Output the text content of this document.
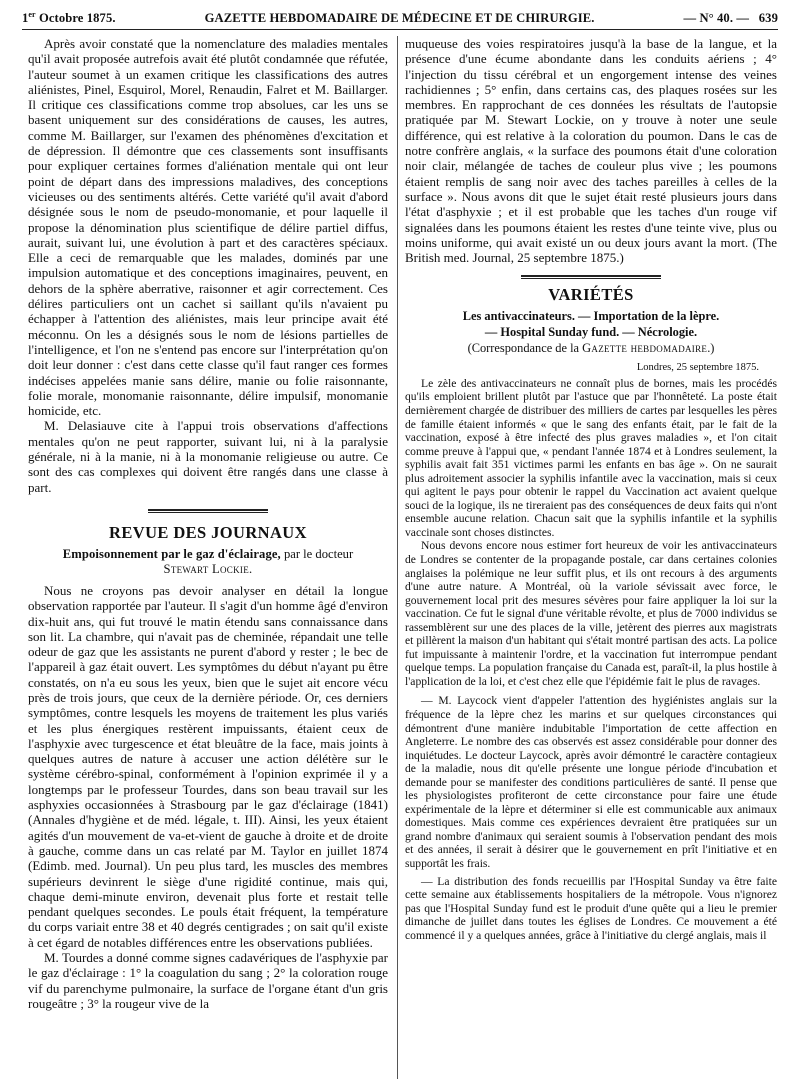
1er Octobre 1875.	GAZETTE HEBDOMADAIRE DE MÉDECINE ET DE CHIRURGIE.	— N° 40. — 639

Après avoir constaté que la nomenclature des maladies mentales qu'il avait proposée autrefois avait été plutôt condamnée que réfutée, l'auteur soumet à un examen critique les classifications des autres aliénistes, Pinel, Esquirol, Morel, Renaudin, Falret et M. Baillarger. Il critique ces classifications comme trop absolues, car les uns se basent uniquement sur des considérations de causes, les autres, comme M. Baillarger, sur l'examen des phénomènes d'excitation et de dépression. Il démontre que ces classements sont insuffisants pour expliquer certaines formes d'aliénation mentale qui ont leur point de départ dans des impressions maladives, des conceptions vicieuses ou des sentiments altérés. Cette variété qu'il avait d'abord désignée sous le nom de pseudo-monomanie, et pour laquelle il propose la dénomination plus scientifique de délire partiel diffus, aurait, suivant lui, une évolution à part et des caractères spéciaux. Elle a ceci de remarquable que les malades, dominés par une impulsion automatique et des conceptions imaginaires, peuvent, en dehors de la sphère aberrative, raisonner et agir correctement. Ces délires particuliers ont un cachet si saillant qu'ils n'avaient pu échapper à l'attention des aliénistes, mais leur principe avait été méconnu. On les a désignés sous le nom de lésions partielles de l'intelligence, et l'on ne s'entend pas encore sur l'interprétation qu'on doit leur donner : c'est dans cette classe qu'il faut ranger ces formes indécises appelées manie sans délire, manie ou folie raisonnante, folie morale, monomanie raisonnante, délire impulsif, monomanie homicide, etc.

M. Delasiauve cite à l'appui trois observations d'affections mentales qu'on ne peut rapporter, suivant lui, ni à la paralysie générale, ni à la manie, ni à la monomanie religieuse ou autre. Ce sont des cas complexes qui doivent être rangés dans une classe à part.

REVUE DES JOURNAUX
Empoisonnement par le gaz d'éclairage, par le docteur
Stewart Lockie.

Nous ne croyons pas devoir analyser en détail la longue observation rapportée par l'auteur. Il s'agit d'un homme âgé d'environ dix-huit ans, qui fut trouvé le matin étendu sans connaissance dans son lit. La chambre, qui n'avait pas de cheminée, répandait une telle odeur de gaz que les assistants ne purent d'abord y rester ; le bec de l'appareil à gaz était ouvert. Les symptômes du début n'ayant pu être constatés, on n'a eu sous les yeux, bien que le sujet ait encore vécu près de trois jours, que ceux de la dernière période. Or, ces derniers symptômes, contre lesquels les moyens de traitement les plus variés et les plus énergiques restèrent impuissants, étaient ceux de l'asphyxie avec turgescence et état bleuâtre de la face, mais joints à quelques autres de nature à accuser une action délétère sur le système cérébro-spinal, conformément à l'opinion exprimée il y a longtemps par le professeur Tourdes, dans son beau travail sur les asphyxies occasionnées à Strasbourg par le gaz d'éclairage (1841) (Annales d'hygiène et de méd. légale, t. III). Ainsi, les yeux étaient agités d'un mouvement de va-et-vient de gauche à droite et de droite à gauche, comme dans un cas relaté par M. Taylor en juillet 1874 (Edimb. med. Journal). Un peu plus tard, les muscles des membres supérieurs devinrent le siège d'une rigidité continue, mais qui, chaque demi-minute environ, devenait plus forte et restait telle pendant quelques secondes. Le pouls était fréquent, la température du corps variait entre 38 et 40 degrés centigrades ; on sait qu'il existe à cet égard de notables différences entre les observations publiées.

M. Tourdes a donné comme signes cadavériques de l'asphyxie par le gaz d'éclairage : 1° la coagulation du sang ; 2° la coloration rouge vif du parenchyme pulmonaire, la surface de l'organe étant d'un gris rougeâtre ; 3° la rougeur vive de la

muqueuse des voies respiratoires jusqu'à la base de la langue, et la présence d'une écume abondante dans les conduits aériens ; 4° l'injection du tissu cérébral et un engorgement intense des veines rachidiennes ; 5° enfin, dans certains cas, des plaques rosées sur les membres. En rapprochant de ces données les résultats de l'autopsie pratiquée par M. Stewart Lockie, on y trouve à noter une seule différence, qui est relative à la coloration du poumon. Dans le cas de notre confrère anglais, « la surface des poumons était d'une coloration noir clair, mélangée de taches de couleur plus vive ; les poumons étaient remplis de sang noir avec des taches pareilles à celles de la surface ». Nous avons dit que le sujet était resté plusieurs jours dans l'état d'asphyxie ; et il est probable que les taches d'un rouge vif signalées dans les poumons étaient les restes d'une teinte vive, plus ou moins uniforme, qui avait existé un ou deux jours avant la mort. (The British med. Journal, 25 septembre 1875.)

VARIÉTÉS
Les antivaccinateurs. — Importation de la lèpre.
— Hospital Sunday fund. — Nécrologie.
(Correspondance de la Gazette hebdomadaire.)
Londres, 25 septembre 1875.

Le zèle des antivaccinateurs ne connaît plus de bornes, mais les procédés qu'ils emploient brillent plutôt par l'astuce que par l'honnêteté. La poste était dernièrement chargée de distribuer des milliers de cartes par lesquelles les pères de famille étaient informés « que le sang des enfants était, par le fait de la vaccination, exposé à être infecté des plus graves maladies », et l'on citait comme preuve à l'appui que, « pendant l'année 1874 et à Londres seulement, la syphilis avait fait 351 victimes parmi les enfants en bas âge ». On ne saurait plus adroitement associer la syphilis infantile avec la vaccination, mais si ceux qui agitent le pays pour obtenir le rappel du Vaccination act avaient quelque souci de la logique, ils ne tireraient pas des conséquences de deux faits qui n'ont ensemble aucune relation. Chacun sait que la syphilis infantile et la syphilis vaccinale sont choses distinctes.

Nous devons encore nous estimer fort heureux de voir les antivaccinateurs de Londres se contenter de la propagande postale, car dans certaines colonies anglaises la polémique ne leur suffit plus, et ils ont recours à des arguments d'une autre nature. A Montréal, où la variole sévissait avec force, le gouvernement local prit des mesures sévères pour faire appliquer la loi sur la vaccination. Ce fut le signal d'une véritable révolte, et plus de 7000 individus se rassemblèrent sur une des places de la ville, jetèrent des pierres aux magistrats et pillèrent la maison d'un habitant qui s'était montré partisan des acts. La police fut impuissante à maintenir l'ordre, et la vaccination fut interrompue pendant quelque temps. La population française du Canada est, paraît-il, la plus hostile à l'application de la loi, et c'est chez elle que l'épidémie fait le plus de ravages.

— M. Laycock vient d'appeler l'attention des hygiénistes anglais sur la fréquence de la lèpre chez les marins et sur quelques circonstances qui démontrent d'une manière indubitable l'importation de cette affection en Angleterre. Le nombre des cas observés est assez considérable pour donner des inquiétudes. Le docteur Laycock, après avoir démontré le caractère contagieux de la maladie, nous dit qu'elle présente une longue période d'incubation et demande pour se manifester des conditions particulières de santé. Il pense que les physiologistes profiteront de cette circonstance pour faire une étude expérimentale de la lèpre et déterminer si elle est communicable aux animaux domestiques. Mais comme ces expériences devraient être pratiquées sur un grand nombre d'animaux qui seraient soumis à l'observation pendant des mois et des années, il serait à désirer que le gouvernement en prît l'initiative et en supportât les frais.

— La distribution des fonds recueillis par l'Hospital Sunday va être faite cette semaine aux établissements hospitaliers de la métropole. Vous n'ignorez pas que l'Hospital Sunday fund est le produit d'une quête qui a lieu le premier dimanche de juillet dans toutes les églises de Londres. Ce mouvement a été commencé il y a quelques années, grâce à l'initiative du clergé anglais, mais il
